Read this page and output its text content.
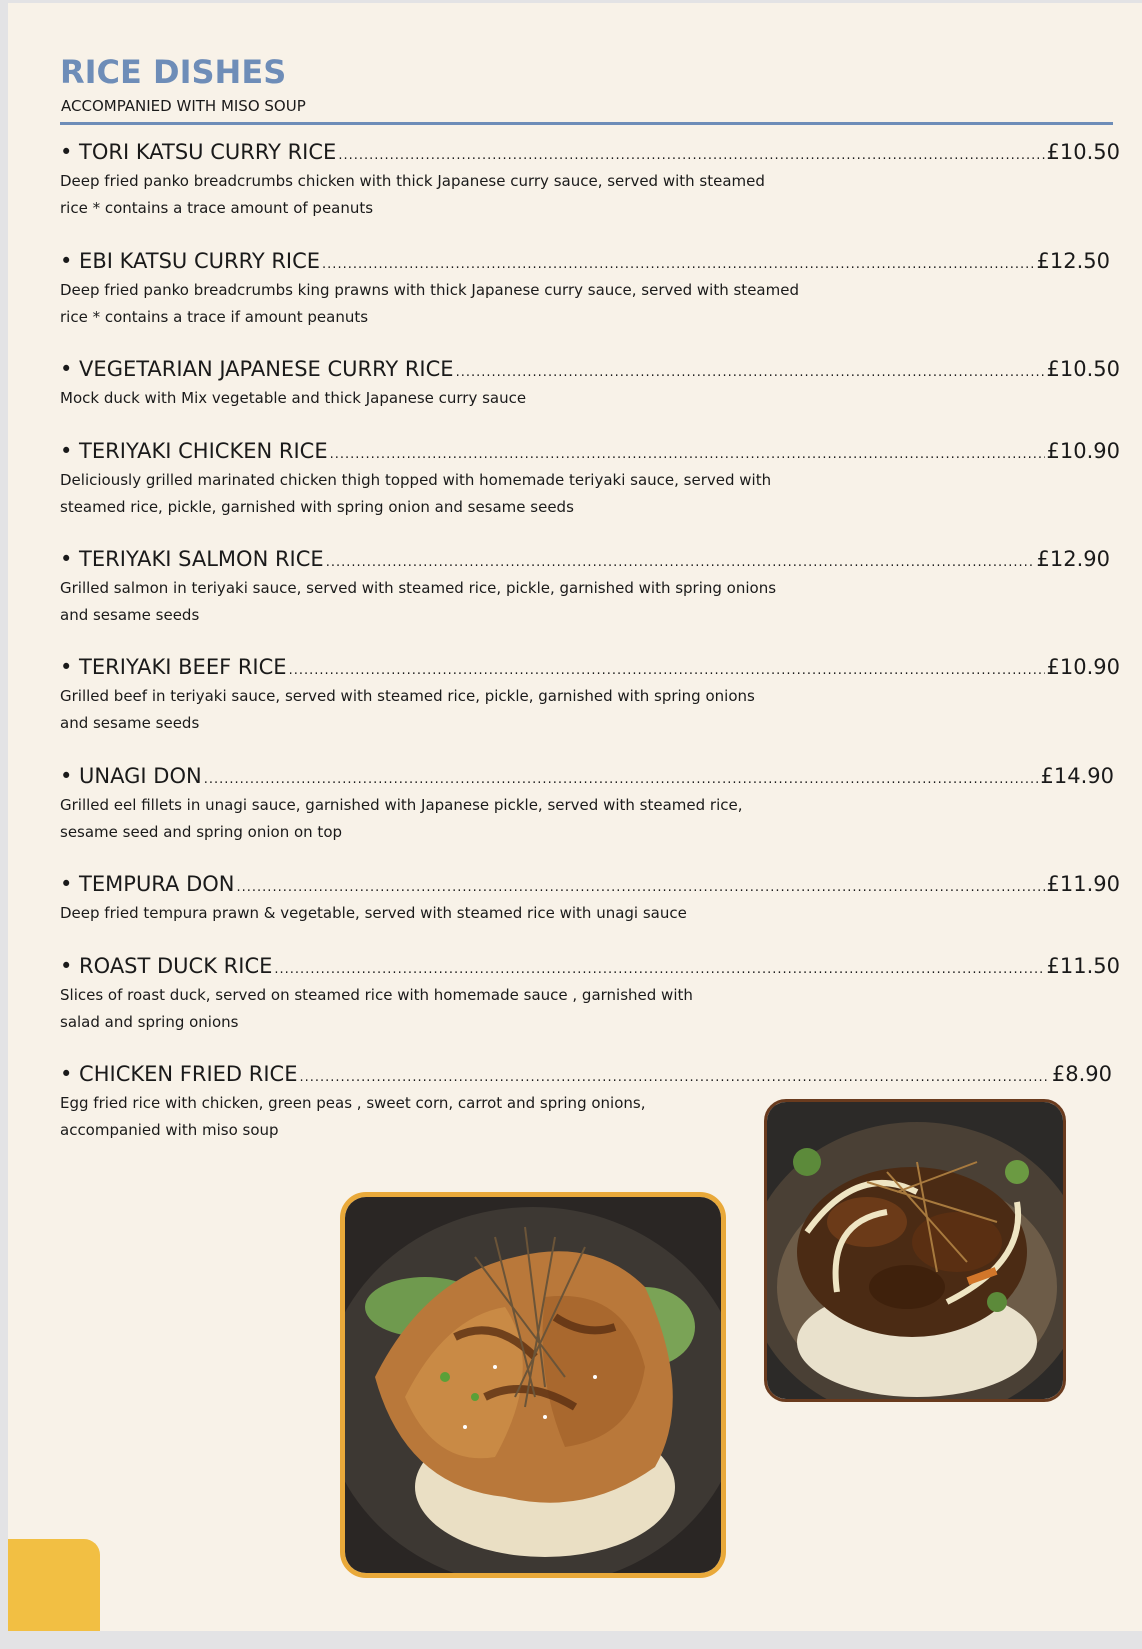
RICE DISHES

ACCOMPANIED WITH MISO SOUP

• TORI KATSU CURRY RICE .....	£10.50
Deep fried panko breadcrumbs chicken with thick Japanese curry sauce, served with steamed
rice * contains a trace amount of peanuts
• EBI KATSU CURRY RICE .....	£12.50
Deep fried panko breadcrumbs king prawns with thick Japanese curry sauce, served with steamed
rice * contains a trace if amount peanuts
• VEGETARIAN JAPANESE CURRY RICE .....	£10.50
Mock duck with Mix vegetable and thick Japanese curry sauce
• TERIYAKI CHICKEN RICE .....	£10.90
Deliciously grilled marinated chicken thigh topped with homemade teriyaki sauce, served with
steamed rice, pickle, garnished with spring onion and sesame seeds
• TERIYAKI SALMON RICE .....	£12.90
Grilled salmon in teriyaki sauce, served with steamed rice, pickle, garnished with spring onions
and sesame seeds
• TERIYAKI BEEF RICE .....	£10.90
Grilled beef in teriyaki sauce, served with steamed rice, pickle, garnished with spring onions
and sesame seeds
• UNAGI DON .....	£14.90
Grilled eel fillets in unagi sauce, garnished with Japanese pickle, served with steamed rice,
sesame seed and spring onion on top
• TEMPURA DON .....	£11.90
Deep fried tempura prawn & vegetable, served with steamed rice with unagi sauce
• ROAST DUCK RICE .....	£11.50
Slices of roast duck, served on steamed rice with homemade sauce , garnished with
salad and spring onions
• CHICKEN FRIED RICE .....	£8.90
Egg fried rice with chicken, green peas , sweet corn, carrot and spring onions,
accompanied with miso soup
